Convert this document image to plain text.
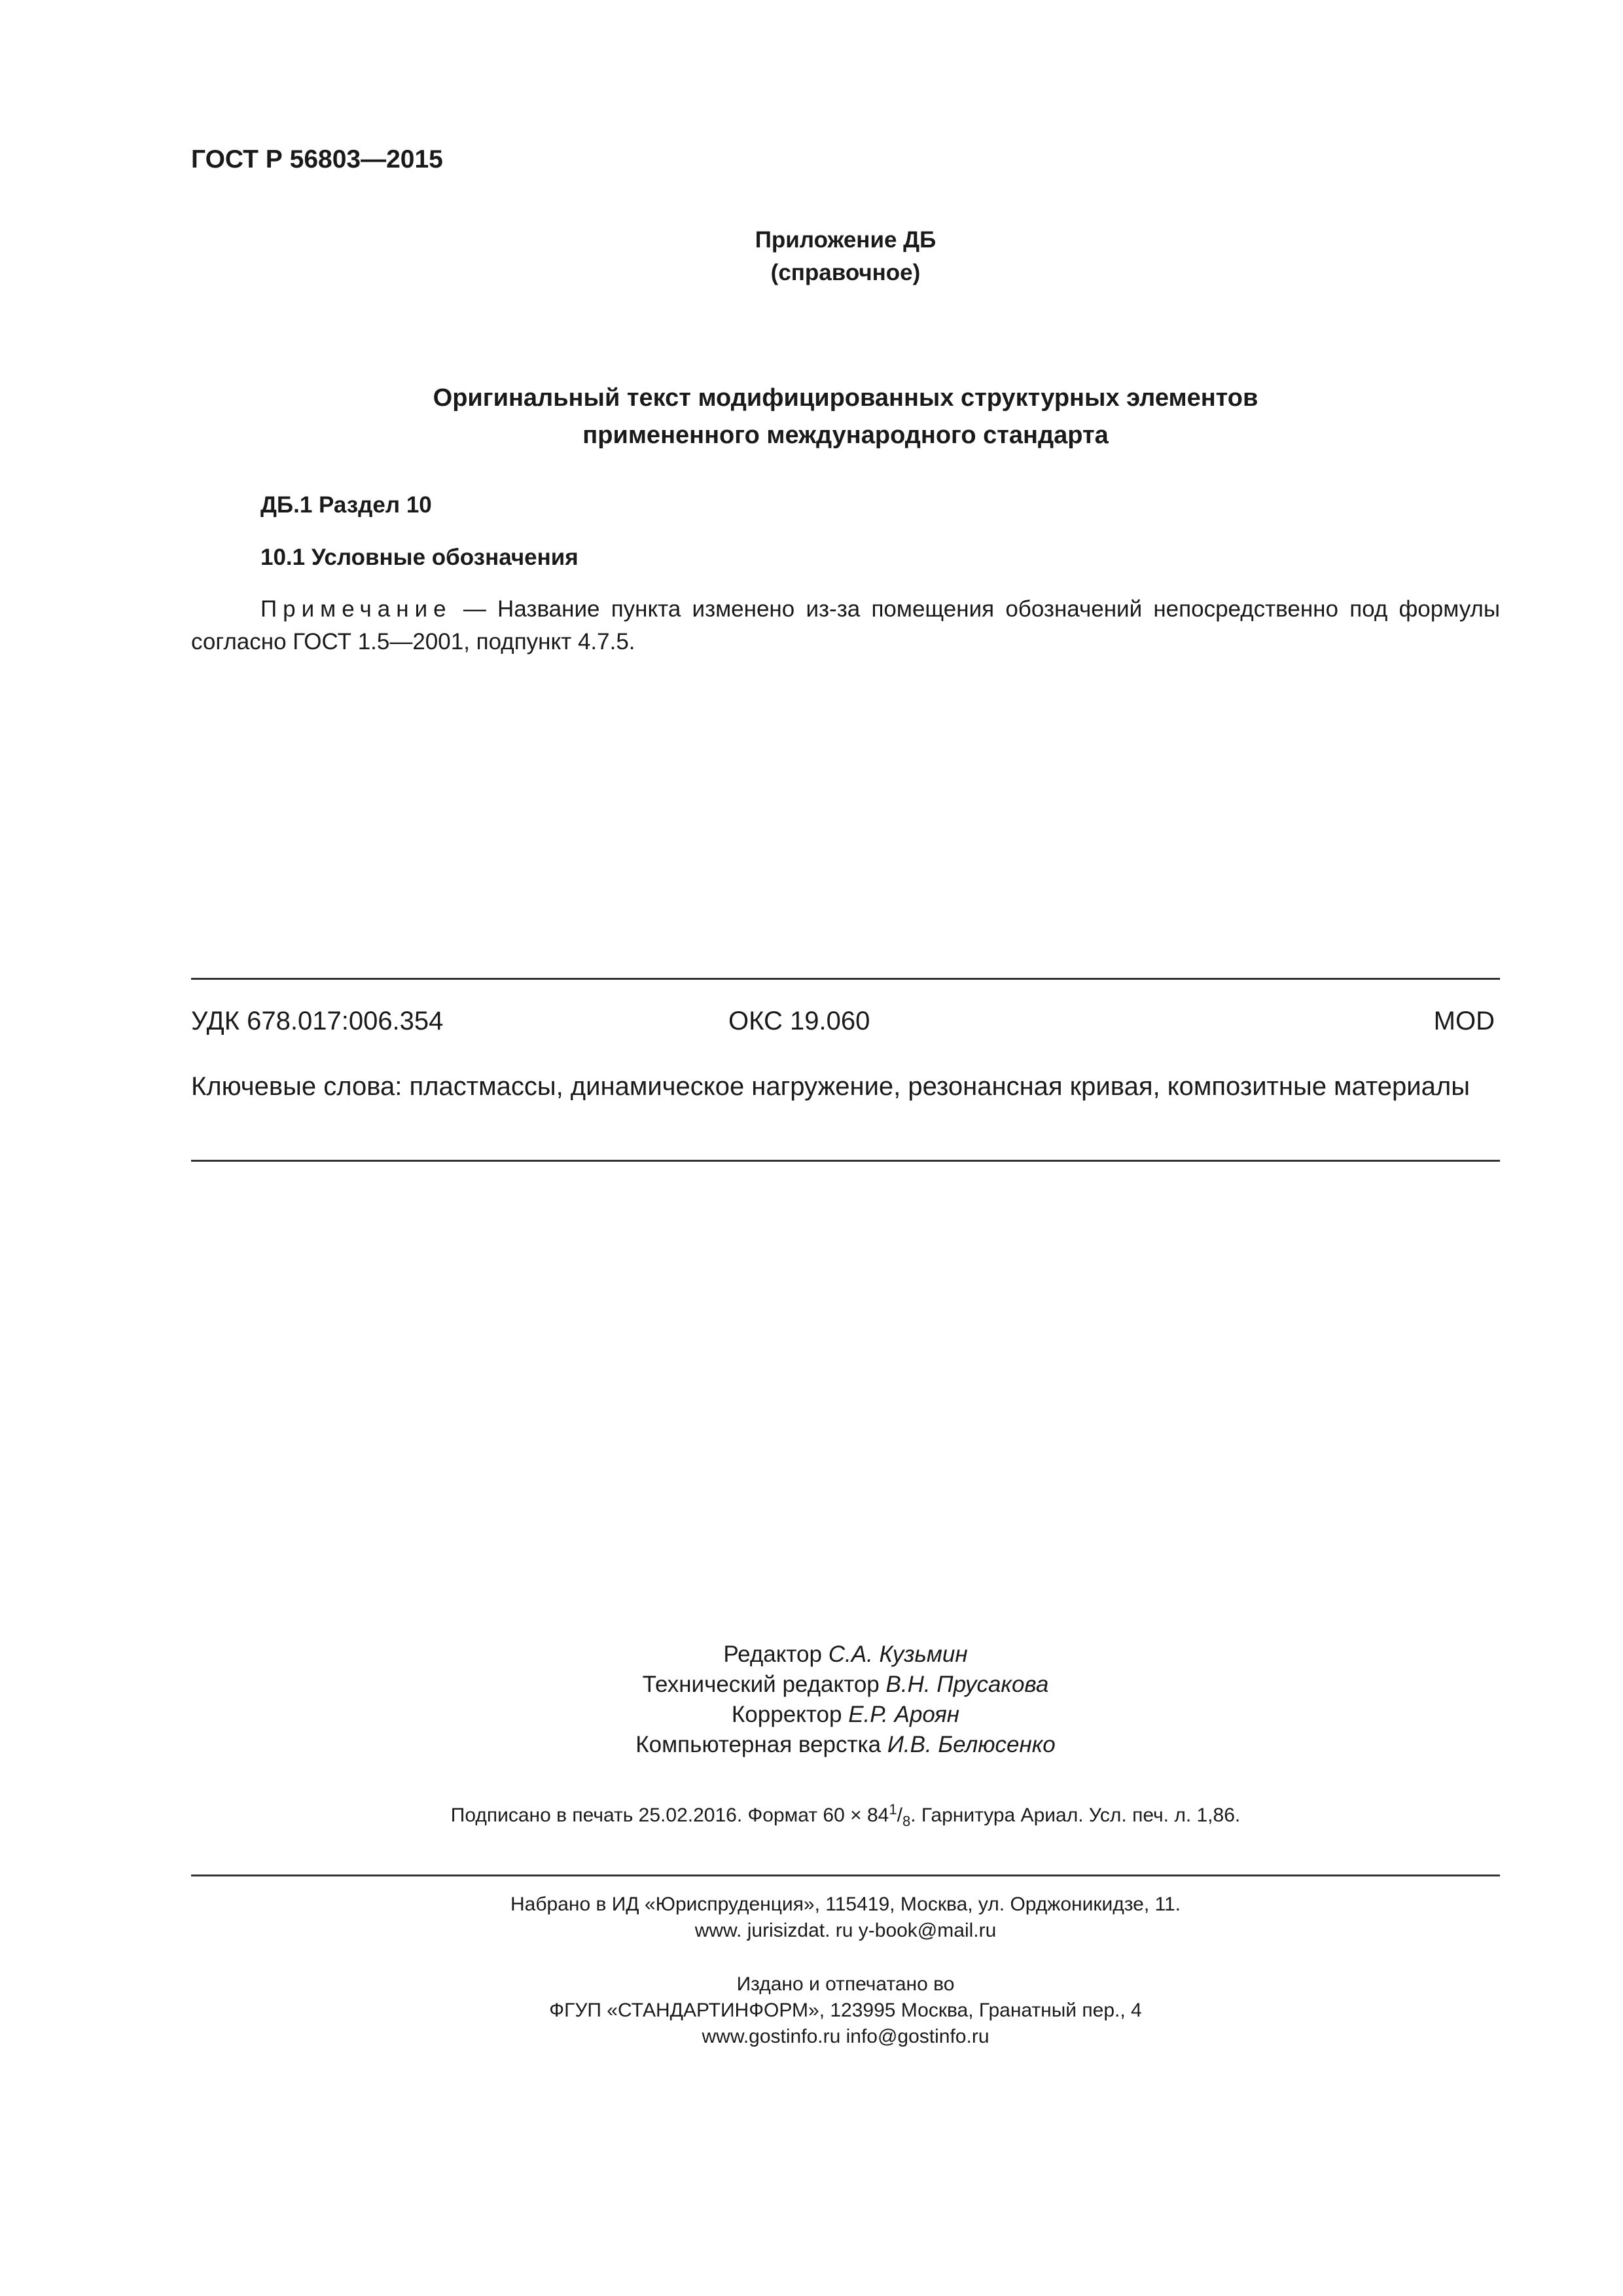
ГОСТ Р 56803—2015
Приложение ДБ
(справочное)
Оригинальный текст модифицированных структурных элементов
примененного международного стандарта
ДБ.1 Раздел 10
10.1 Условные обозначения
Примечание — Название пункта изменено из-за помещения обозначений непосредственно под формулы согласно ГОСТ 1.5—2001, подпункт 4.7.5.
УДК 678.017:006.354	ОКС 19.060	MOD
Ключевые слова: пластмассы, динамическое нагружение, резонансная кривая, композитные материалы
Редактор С.А. Кузьмин
Технический редактор В.Н. Прусакова
Корректор Е.Р. Ароян
Компьютерная верстка И.В. Белюсенко
Подписано в печать 25.02.2016. Формат $60 \times 84^1/_8$. Гарнитура Ариал. Усл. печ. л. 1,86.
Набрано в ИД «Юриспруденция», 115419, Москва, ул. Орджоникидзе, 11.
www. jurisizdat. ru y-book@mail.ru
Издано и отпечатано во
ФГУП «СТАНДАРТИНФОРМ», 123995 Москва, Гранатный пер., 4
www.gostinfo.ru info@gostinfo.ru
